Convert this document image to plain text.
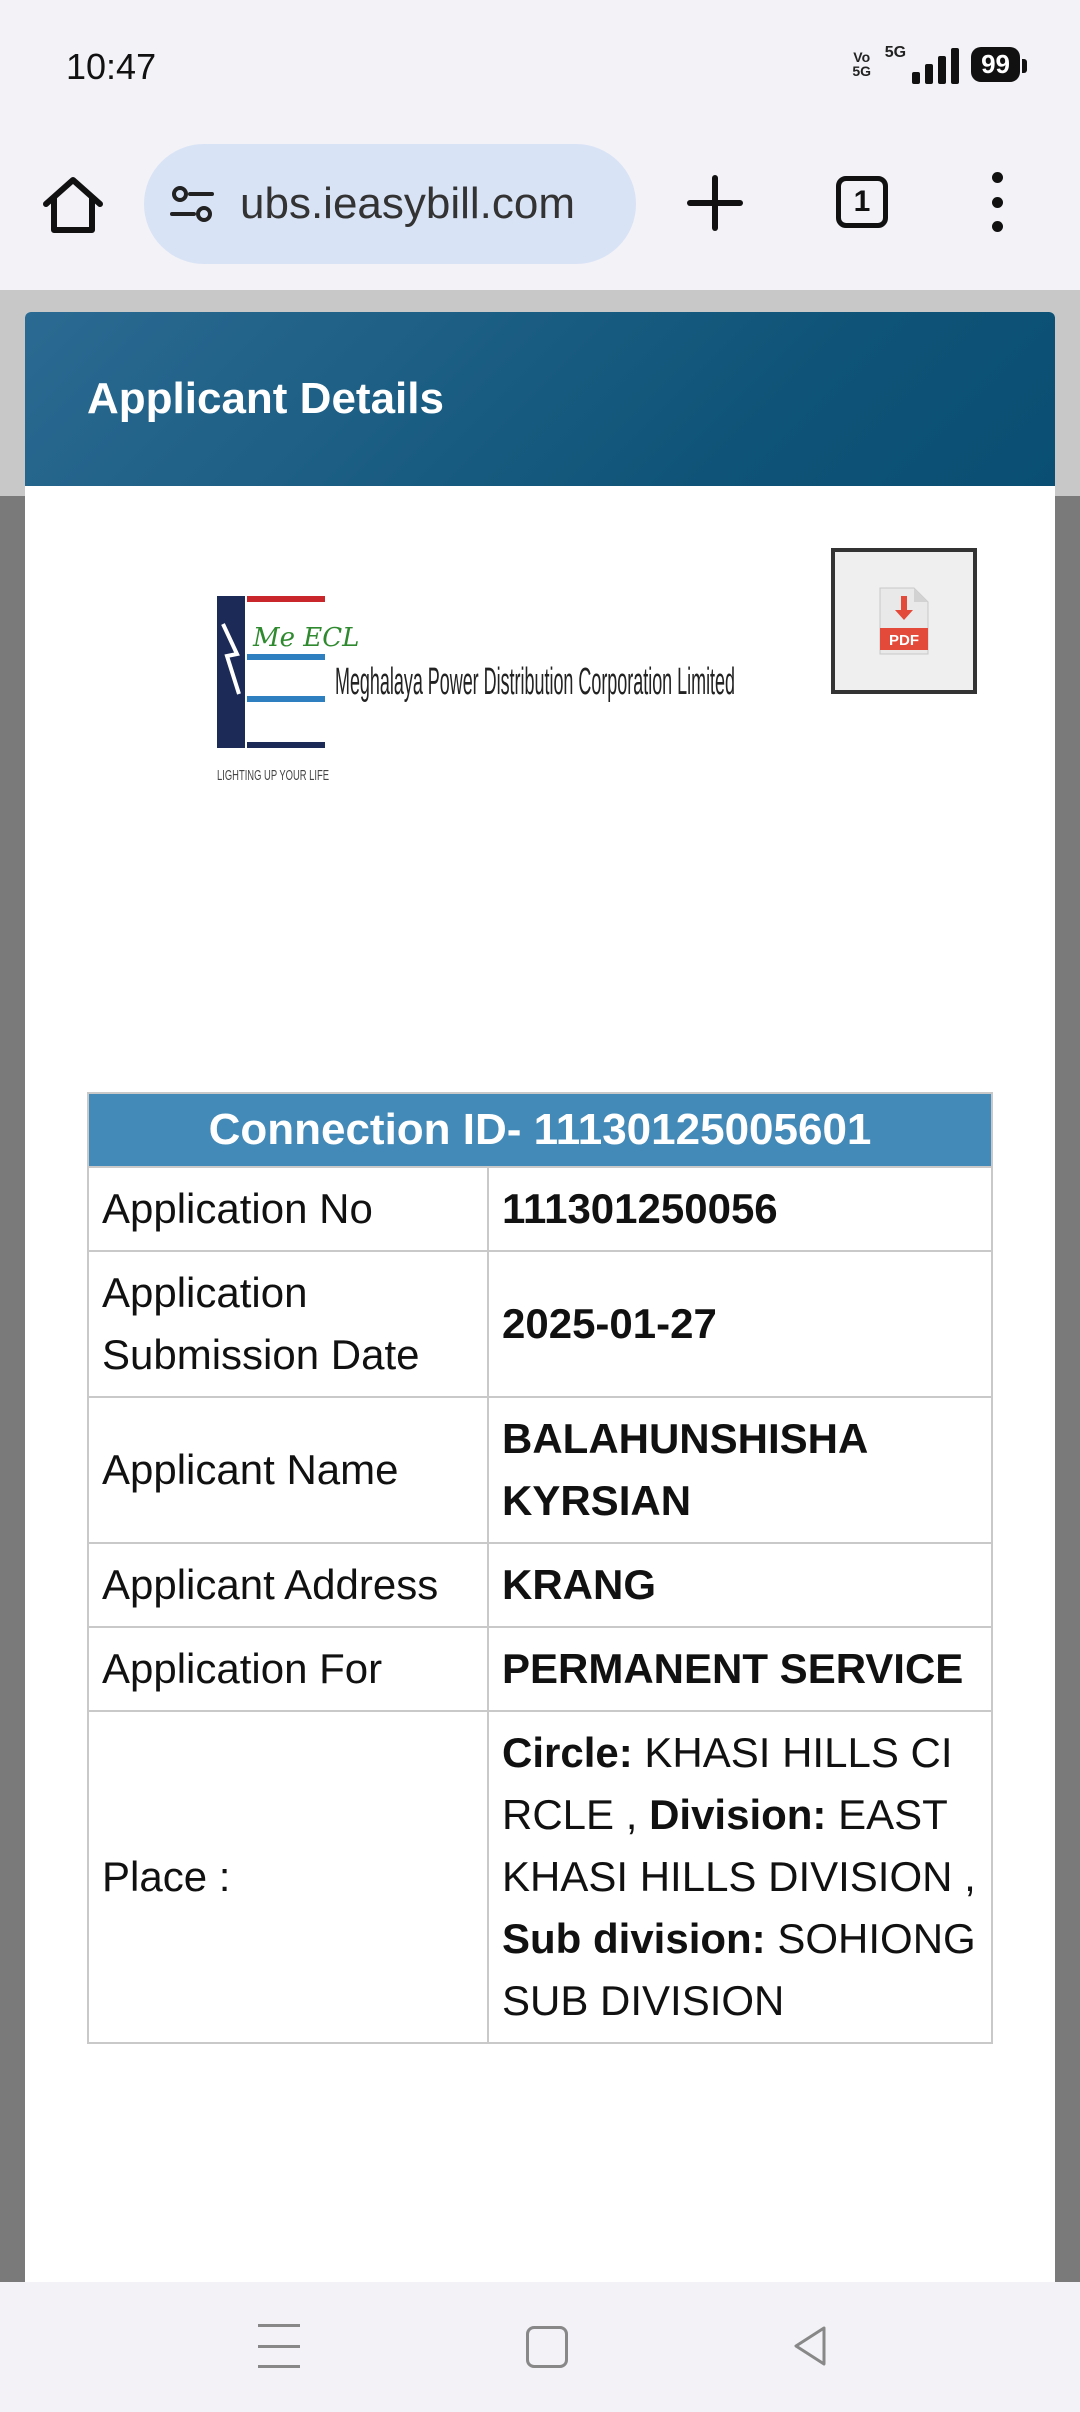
10:47	Vo
5G
5G	99
ubs.ieasybill.com	1
Applicant Details
Me ECL
Meghalaya Power Distribution Corporation Limited
LIGHTING UP YOUR LIFE
PDF
Connection ID- 11130125005601	
Application No	111301250056
Application Submission Date	2025-01-27
Applicant Name	BALAHUNSHISHA KYRSIAN
Applicant Address	KRANG
Application For	PERMANENT SERVICE
Place :	Circle: KHASI HILLS CIRCLE , Division: EAST KHASI HILLS DIVISION , Sub division: SOHIONG SUB DIVISION
